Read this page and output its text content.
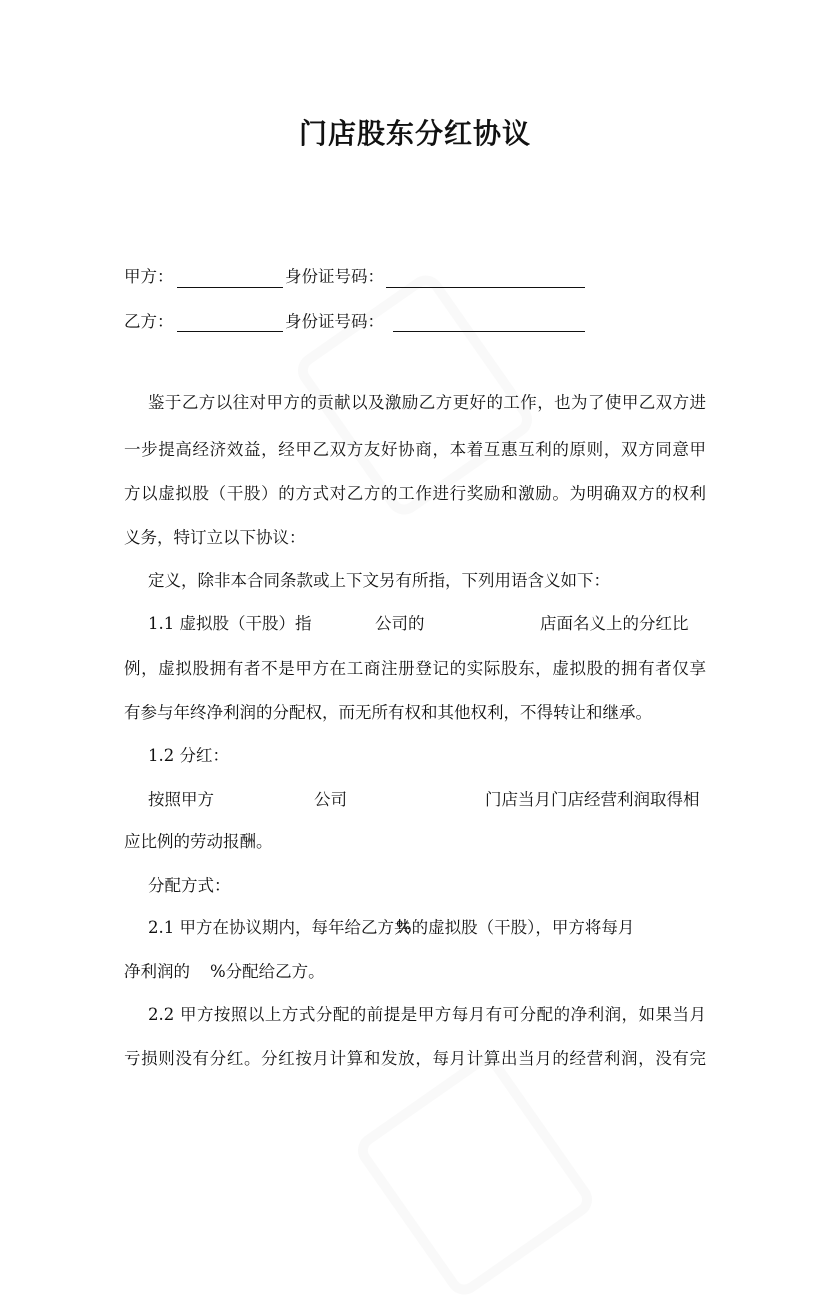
门店股东分红协议
甲方：	身份证号码：
乙方：	身份证号码：
鉴于乙方以往对甲方的贡献以及激励乙方更好的工作，也为了使甲乙双方进
一步提高经济效益，经甲乙双方友好协商，本着互惠互利的原则，双方同意甲
方以虚拟股（干股）的方式对乙方的工作进行奖励和激励。为明确双方的权利
义务，特订立以下协议：
定义，除非本合同条款或上下文另有所指，下列用语含义如下：
1.1 虚拟股（干股）指	公司的	店面名义上的分红比
例，虚拟股拥有者不是甲方在工商注册登记的实际股东，虚拟股的拥有者仅享
有参与年终净利润的分配权，而无所有权和其他权利，不得转让和继承。
1.2 分红：
按照甲方	公司	门店当月门店经营利润取得相
应比例的劳动报酬。
分配方式：
2.1 甲方在协议期内，每年给乙方共
%的虚拟股（干股），甲方将每月
净利润的 %分配给乙方。
2.2 甲方按照以上方式分配的前提是甲方每月有可分配的净利润，如果当月
亏损则没有分红。分红按月计算和发放，每月计算出当月的经营利润，没有完
